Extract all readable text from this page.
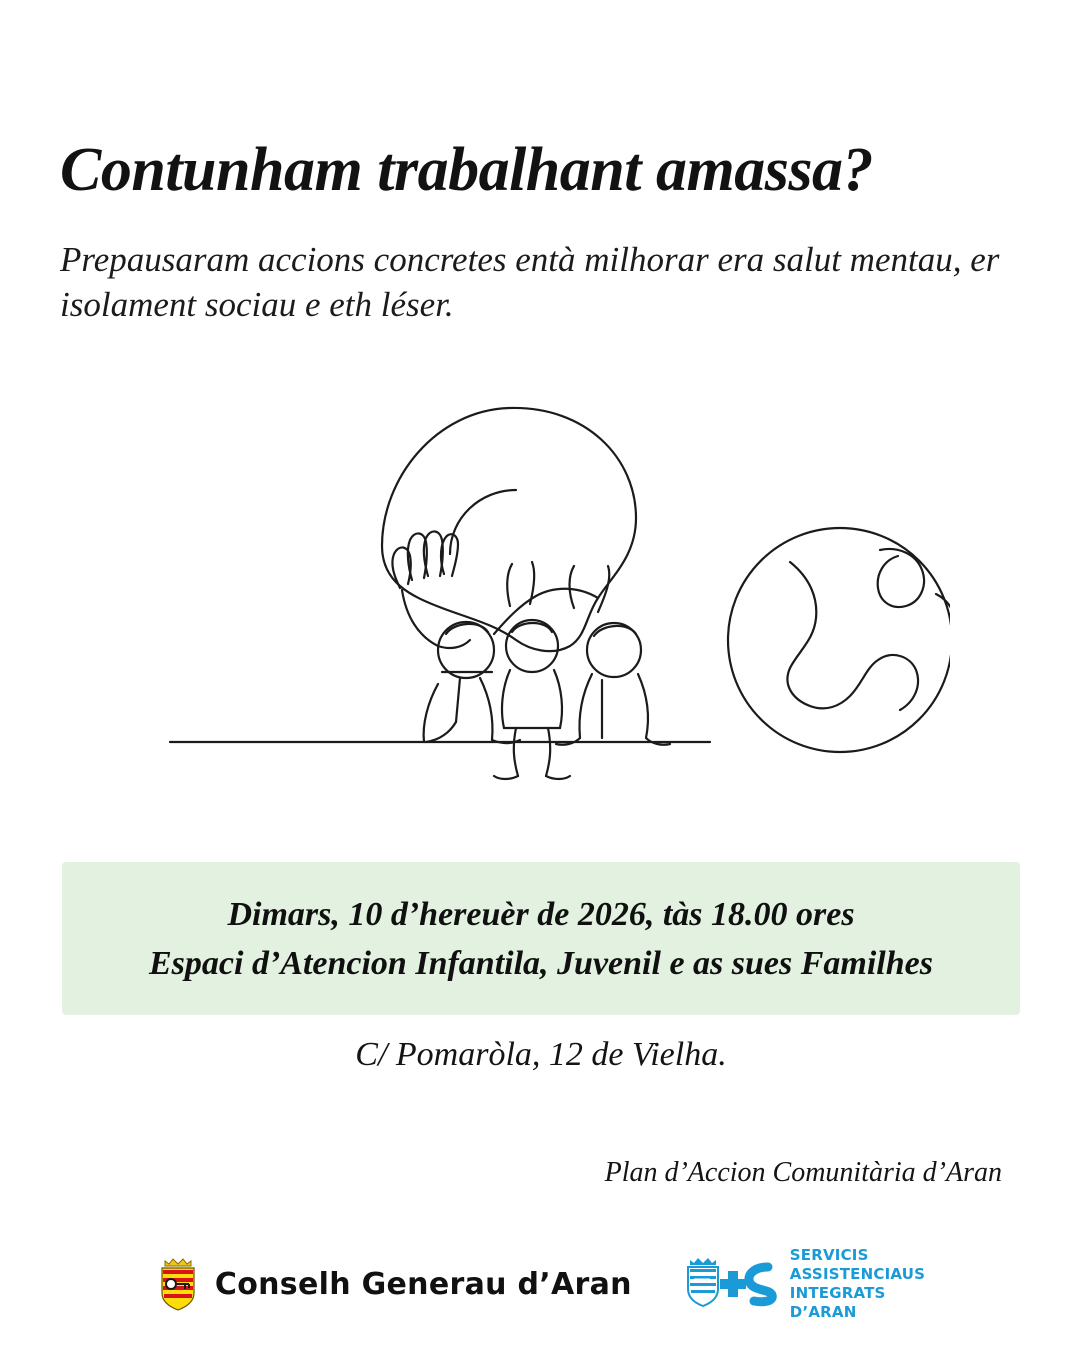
Contunham trabalhant amassa?

Prepausaram accions concretes entà milhorar era salut mentau, er isolament sociau e eth léser.

Dimars, 10 d’hereuèr de 2026, tàs 18.00 ores
Espaci d’Atencion Infantila, Juvenil e as sues Familhes
C/ Pomaròla, 12 de Vielha.
Plan d’Accion Comunitària d’Aran
Conselh Generau d’Aran
SERVICIS
ASSISTENCIAUS
INTEGRATS
D’ARAN
